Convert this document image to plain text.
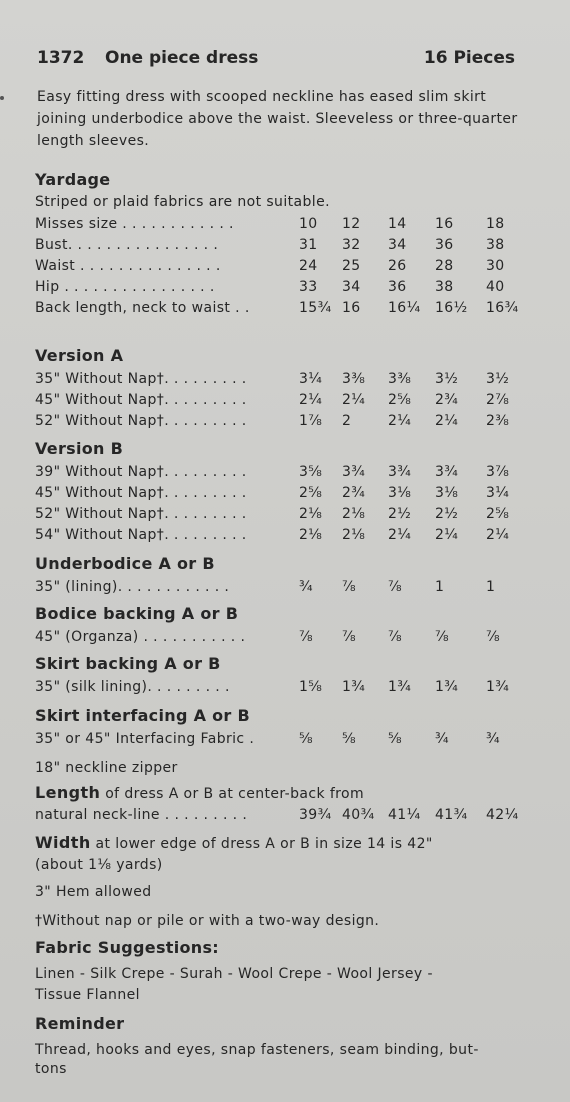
1372 One piece dress	16 Pieces
Easy fitting dress with scooped neckline has eased slim skirt joining underbodice above the waist. Sleeveless or three-quarter length sleeves.
Yardage
Striped or plaid fabrics are not suitable.
Misses size . . . . . . . . . . . .	10 12 14 16 18
Bust. . . . . . . . . . . . . . . .	31 32 34 36 38
Waist . . . . . . . . . . . . . . .	24 25 26 28 30
Hip . . . . . . . . . . . . . . . .	33 34 36 38 40
Back length, neck to waist . .	15¾ 16 16¼ 16½ 16¾
Version A
35" Without Nap†. . . . . . . . .	3¼ 3⅜ 3⅜ 3½ 3½
45" Without Nap†. . . . . . . . .	2¼ 2¼ 2⅝ 2¾ 2⅞
52" Without Nap†. . . . . . . . .	1⅞ 2	2¼ 2¼ 2⅜
Version B
39" Without Nap†. . . . . . . . .	3⅝ 3¾ 3¾ 3¾ 3⅞
45" Without Nap†. . . . . . . . .	2⅝ 2¾ 3⅛ 3⅛ 3¼
52" Without Nap†. . . . . . . . .	2⅛ 2⅛ 2½ 2½ 2⅝
54" Without Nap†. . . . . . . . .	2⅛ 2⅛ 2¼ 2¼ 2¼
Underbodice A or B
35" (lining). . . . . . . . . . . .	¾ ⅞ ⅞ 1	1
Bodice backing A or B
45" (Organza) . . . . . . . . . . .	⅞ ⅞ ⅞ ⅞	⅞
Skirt backing A or B
35" (silk lining). . . . . . . . .	1⅝ 1¾ 1¾ 1¾ 1¾
Skirt interfacing A or B
35" or 45" Interfacing Fabric .	⅝ ⅝ ⅝ ¾	¾
18" neckline zipper
Length of dress A or B at center-back from
natural neck-line . . . . . . . . .	39¾ 40¾ 41¼ 41¾ 42¼
Width at lower edge of dress A or B in size 14 is 42"
(about 1⅛ yards)
3" Hem allowed
†Without nap or pile or with a two-way design.
Fabric Suggestions:
Linen - Silk Crepe - Surah - Wool Crepe - Wool Jersey -
Tissue Flannel
Reminder
Thread, hooks and eyes, snap fasteners, seam binding, but-
tons
